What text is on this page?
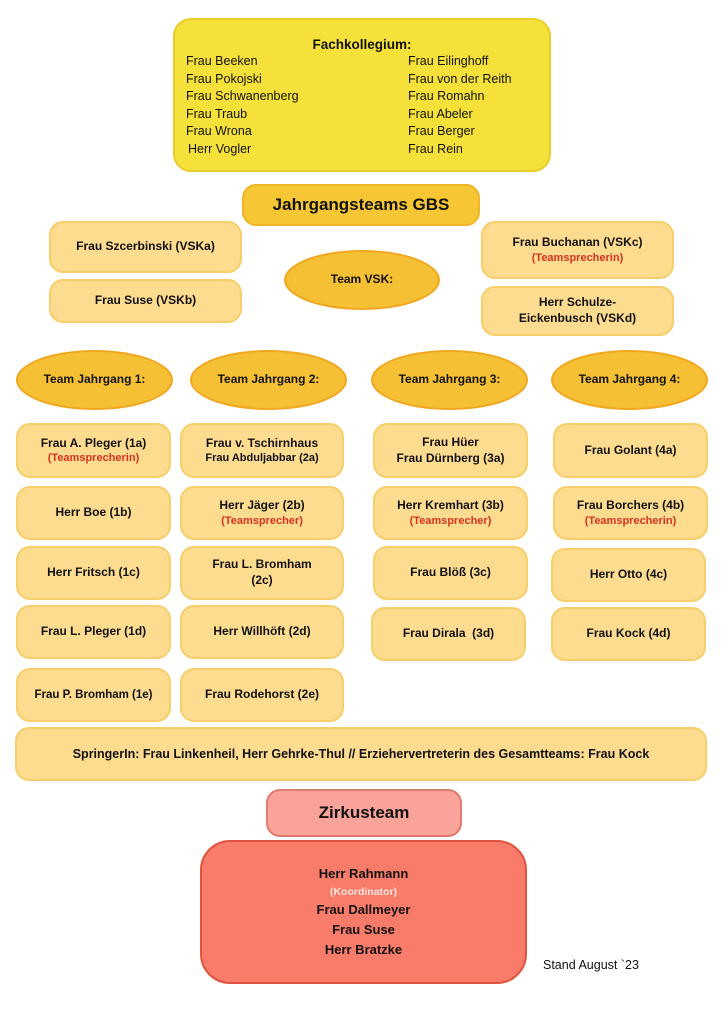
Fachkollegium:
Frau Beeken
Frau Pokojski
Frau Schwanenberg
Frau Traub
Frau Wrona
Herr Vogler
Frau Eilinghoff
Frau von der Reith
Frau Romahn
Frau Abeler
Frau Berger
Frau Rein
Jahrgangsteams GBS
Frau Szcerbinski (VSKa)
Frau Suse (VSKb)
Team VSK:
Frau Buchanan (VSKc)
(Teamsprecherin)
Herr Schulze-
Eickenbusch (VSKd)
Team Jahrgang 1:	Team Jahrgang 2:	Team Jahrgang 3:	Team Jahrgang 4:
Frau A. Pleger (1a)
(Teamsprecherin)
Herr Boe (1b)
Herr Fritsch (1c)
Frau L. Pleger (1d)
Frau P. Bromham (1e)
Frau v. Tschirnhaus
Frau Abduljabbar (2a)
Herr Jäger (2b)
(Teamsprecher)
Frau L. Bromham
(2c)
Herr Willhöft (2d)
Frau Rodehorst (2e)
Frau Hüer
Frau Dürnberg (3a)
Herr Kremhart (3b)
(Teamsprecher)
Frau Blöß (3c)
Frau Dirala  (3d)
Frau Golant (4a)
Frau Borchers (4b)
(Teamsprecherin)
Herr Otto (4c)
Frau Kock (4d)
SpringerIn: Frau Linkenheil, Herr Gehrke-Thul // Erziehervertreterin des Gesamtteams: Frau Kock
Zirkusteam
Herr Rahmann
(Koordinator)
Frau Dallmeyer
Frau Suse
Herr Bratzke
Stand August `23
